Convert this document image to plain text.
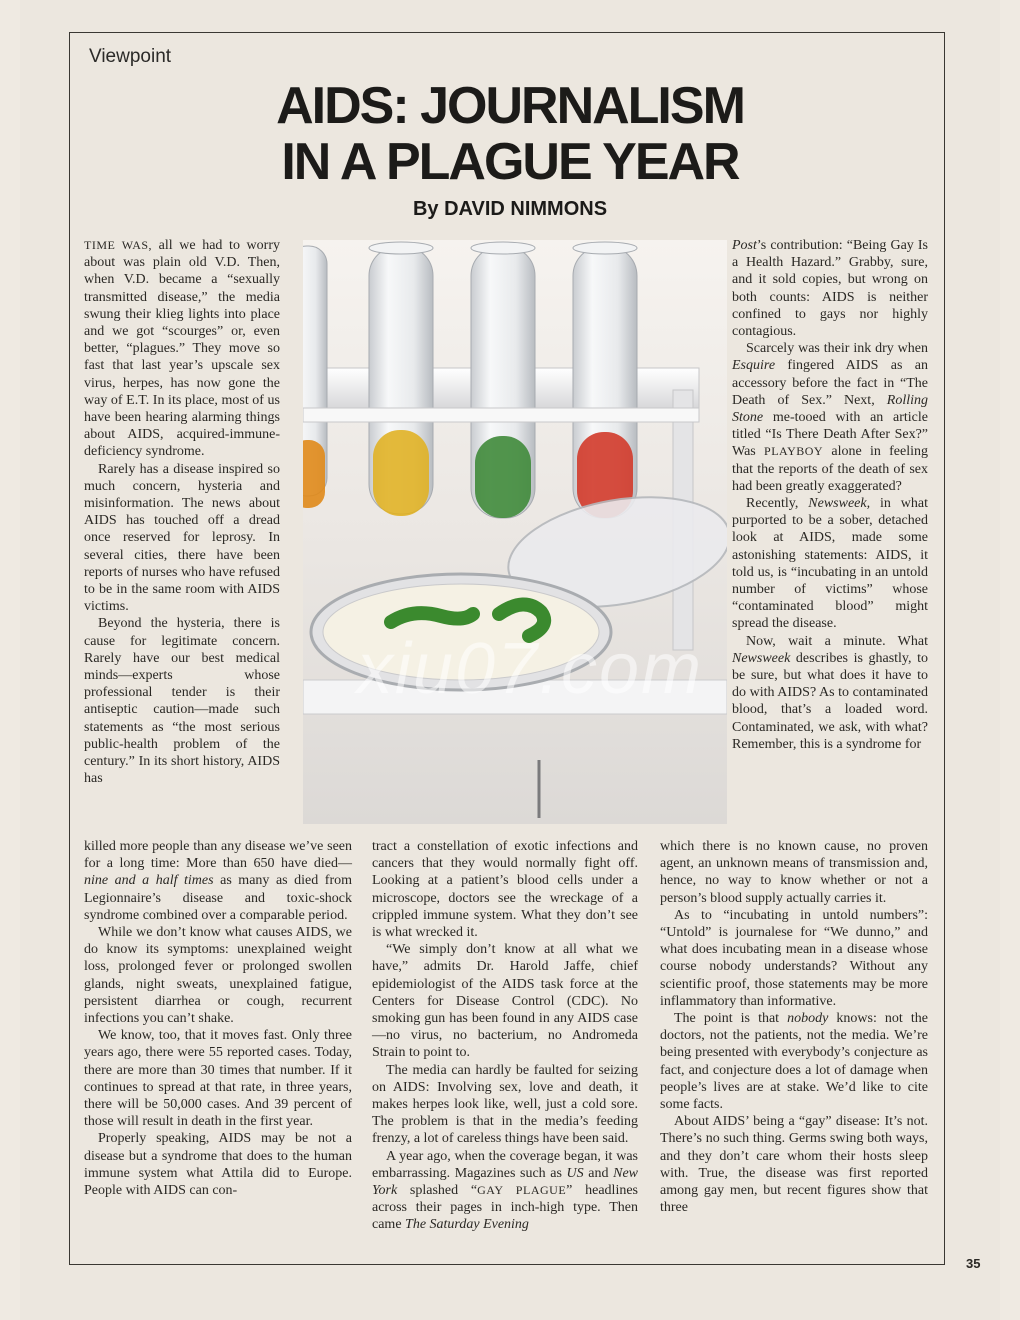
Viewpoint
AIDS: JOURNALISM
IN A PLAGUE YEAR
By DAVID NIMMONS

TIME WAS, all we had to worry about was plain old V.D. Then, when V.D. became a “sexually transmitted disease,” the media swung their klieg lights into place and we got “scourges” or, even better, “plagues.” They move so fast that last year’s upscale sex virus, herpes, has now gone the way of E.T. In its place, most of us have been hearing alarming things about AIDS, acquired-immune-deficiency syndrome.

Rarely has a disease inspired so much concern, hysteria and misinformation. The news about AIDS has touched off a dread once reserved for leprosy. In several cities, there have been reports of nurses who have refused to be in the same room with AIDS victims.

Beyond the hysteria, there is cause for legitimate concern. Rarely have our best medical minds—experts whose professional tender is their antiseptic caution—made such statements as “the most serious public-health problem of the century.” In its short history, AIDS has

Post’s contribution: “Being Gay Is a Health Hazard.” Grabby, sure, and it sold copies, but wrong on both counts: AIDS is neither confined to gays nor highly contagious.

Scarcely was their ink dry when Esquire fingered AIDS as an accessory before the fact in “The Death of Sex.” Next, Rolling Stone me-tooed with an article titled “Is There Death After Sex?” Was PLAYBOY alone in feeling that the reports of the death of sex had been greatly exaggerated?

Recently, Newsweek, in what purported to be a sober, detached look at AIDS, made some astonishing statements: AIDS, it told us, is “incubating in an untold number of victims” whose “contaminated blood” might spread the disease.

Now, wait a minute. What Newsweek describes is ghastly, to be sure, but what does it have to do with AIDS? As to contaminated blood, that’s a loaded word. Contaminated, we ask, with what? Remember, this is a syndrome for

killed more people than any disease we’ve seen for a long time: More than 650 have died—nine and a half times as many as died from Legionnaire’s disease and toxic-shock syndrome combined over a comparable period.

While we don’t know what causes AIDS, we do know its symptoms: unexplained weight loss, prolonged fever or prolonged swollen glands, night sweats, unexplained fatigue, persistent diarrhea or cough, recurrent infections you can’t shake.

We know, too, that it moves fast. Only three years ago, there were 55 reported cases. Today, there are more than 30 times that number. If it continues to spread at that rate, in three years, there will be 50,000 cases. And 39 percent of those will result in death in the first year.

Properly speaking, AIDS may be not a disease but a syndrome that does to the human immune system what Attila did to Europe. People with AIDS can con-

tract a constellation of exotic infections and cancers that they would normally fight off. Looking at a patient’s blood cells under a microscope, doctors see the wreckage of a crippled immune system. What they don’t see is what wrecked it.

“We simply don’t know at all what we have,” admits Dr. Harold Jaffe, chief epidemiologist of the AIDS task force at the Centers for Disease Control (CDC). No smoking gun has been found in any AIDS case—no virus, no bacterium, no Andromeda Strain to point to.

The media can hardly be faulted for seizing on AIDS: Involving sex, love and death, it makes herpes look like, well, just a cold sore. The problem is that in the media’s feeding frenzy, a lot of careless things have been said.

A year ago, when the coverage began, it was embarrassing. Magazines such as US and New York splashed “GAY PLAGUE” headlines across their pages in inch-high type. Then came The Saturday Evening

which there is no known cause, no proven agent, an unknown means of transmission and, hence, no way to know whether or not a person’s blood supply actually carries it.

As to “incubating in untold numbers”: “Untold” is journalese for “We dunno,” and what does incubating mean in a disease whose course nobody understands? Without any scientific proof, those statements may be more inflammatory than informative.

The point is that nobody knows: not the doctors, not the patients, not the media. We’re being presented with everybody’s conjecture as fact, and conjecture does a lot of damage when people’s lives are at stake. We’d like to cite some facts.

About AIDS’ being a “gay” disease: It’s not. There’s no such thing. Germs swing both ways, and they don’t care whom their hosts sleep with. True, the disease was first reported among gay men, but recent figures show that three

xiu07.com
35
